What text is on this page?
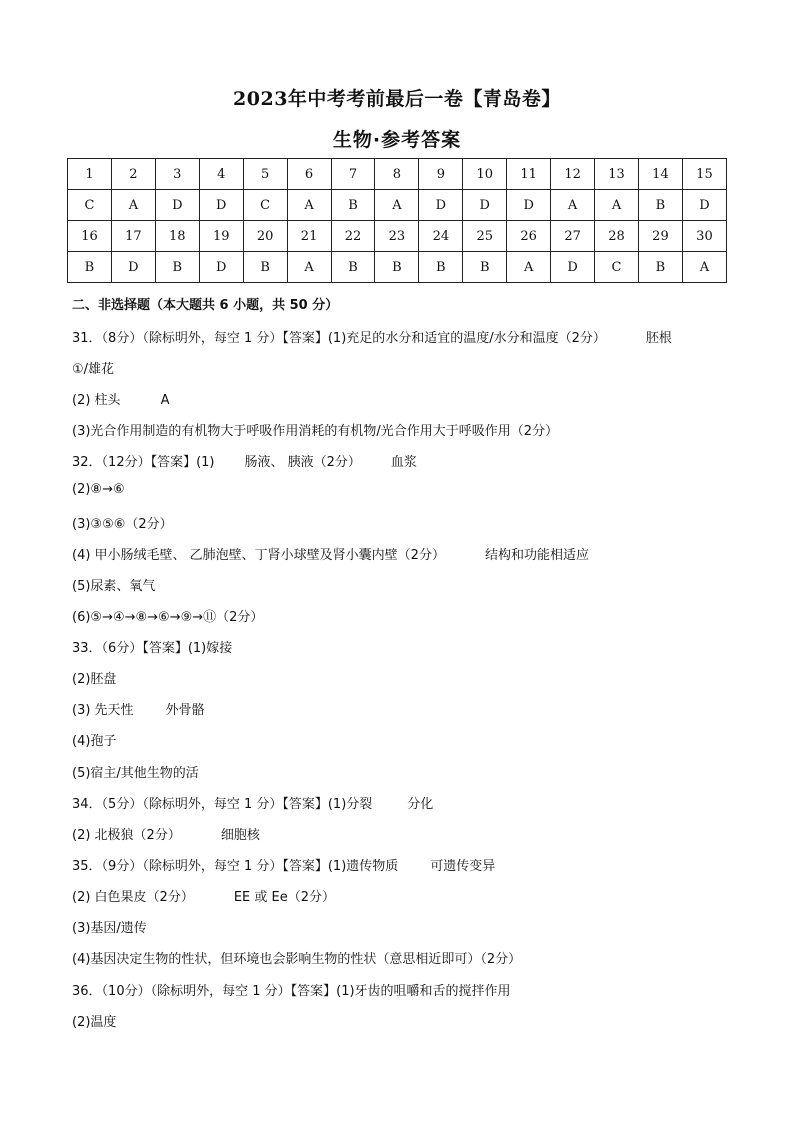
2023年中考考前最后一卷【青岛卷】
生物·参考答案
1	2	3	4	5	6	7	8	9	10	11	12	13	14	15
C	A	D	D	C	A	B	A	D	D	D	A	A	B	D
16	17	18	19	20	21	22	23	24	25	26	27	28	29	30
B	D	B	D	B	A	B	B	B	B	A	D	C	B	A
二、非选择题（本大题共 6 小题，共 50 分）
31．（8分）（除标明外，每空 1 分）【答案】(1)充足的水分和适宜的温度/水分和温度（2分）	胚根
①/雄花
(2) 柱头	A
(3)光合作用制造的有机物大于呼吸作用消耗的有机物/光合作用大于呼吸作用（2分）
32．（12分）【答案】(1) 肠液、 胰液（2分） 血浆
(2)⑧→⑥
(3)③⑤⑥（2分）
(4) 甲小肠绒毛壁、 乙肺泡壁、丁肾小球壁及肾小囊内壁（2分）	结构和功能相适应
(5)尿素、氧气
(6)⑤→④→⑧→⑥→⑨→⑪（2分）
33．（6分）【答案】(1)嫁接
(2)胚盘
(3) 先天性 外骨骼
(4)孢子
(5)宿主/其他生物的活
34．（5分）（除标明外，每空 1 分）【答案】(1)分裂	分化
(2) 北极狼（2分）	细胞核
35．（9分）（除标明外，每空 1 分）【答案】(1)遗传物质 可遗传变异
(2) 白色果皮（2分）	EE 或 Ee（2分）
(3)基因/遗传
(4)基因决定生物的性状，但环境也会影响生物的性状（意思相近即可）（2分）
36．（10分）（除标明外，每空 1 分）【答案】(1)牙齿的咀嚼和舌的搅拌作用
(2)温度
